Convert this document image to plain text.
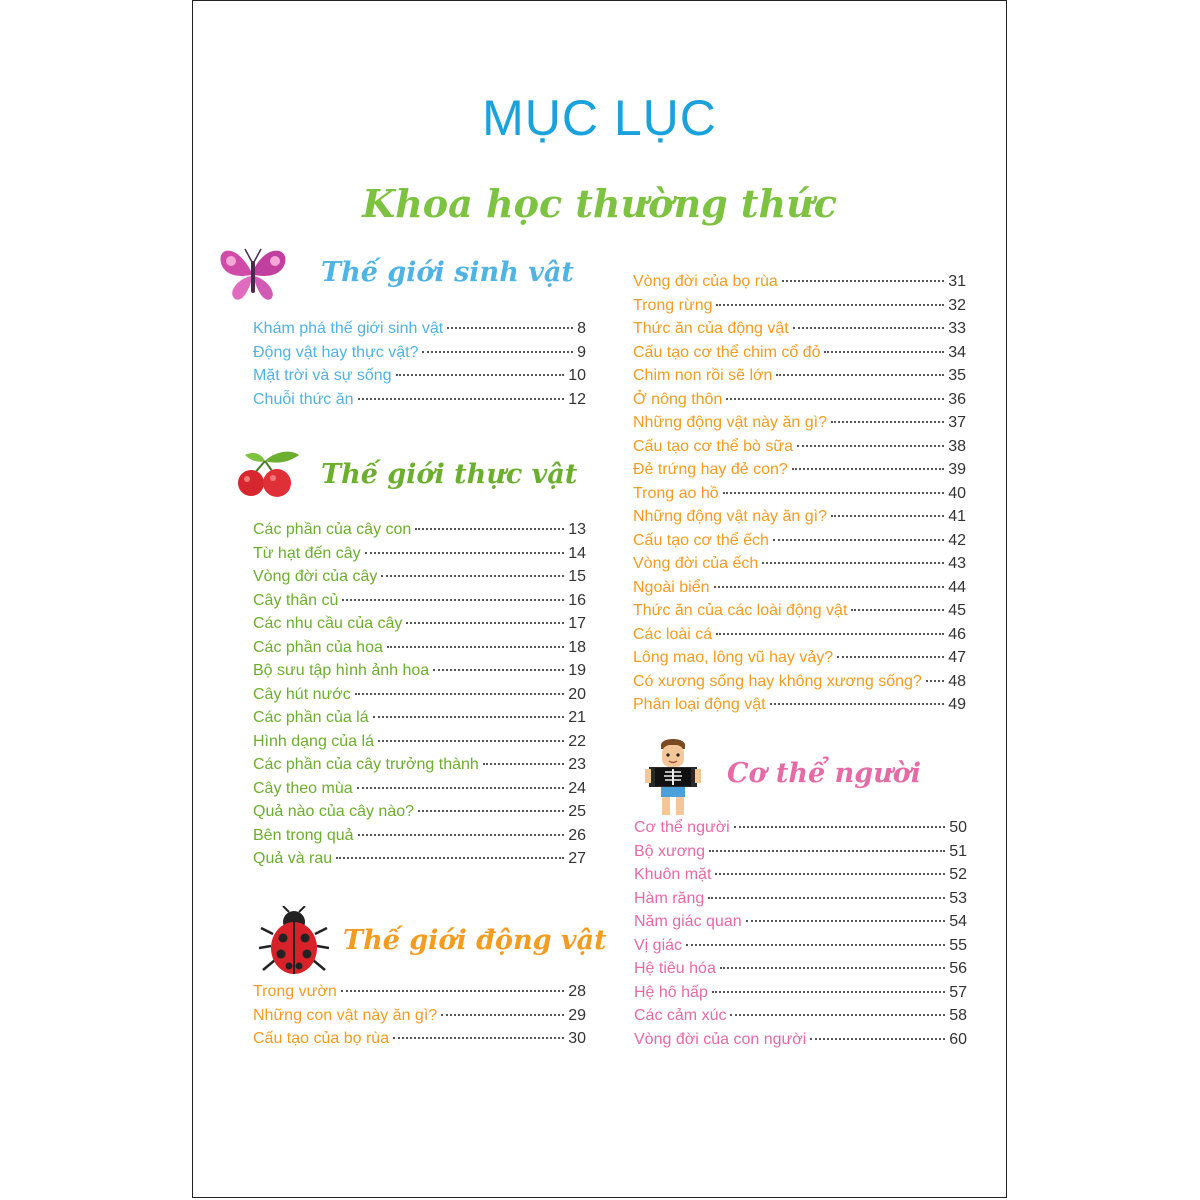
MỤC LỤC
Khoa học thường thức
Thế giới sinh vật
Khám phá thế giới sinh vật	8
Động vật hay thực vật?	9
Mặt trời và sự sống	10
Chuỗi thức ăn	12
Thế giới thực vật
Các phần của cây con	13
Từ hạt đến cây	14
Vòng đời của cây	15
Cây thân củ	16
Các nhu cầu của cây	17
Các phần của hoa	18
Bộ sưu tập hình ảnh hoa	19
Cây hút nước	20
Các phần của lá	21
Hình dạng của lá	22
Các phần của cây trưởng thành	23
Cây theo mùa	24
Quả nào của cây nào?	25
Bên trong quả	26
Quả và rau	27
Thế giới động vật
Trong vườn	28
Những con vật này ăn gì?	29
Cấu tạo của bọ rùa	30
Vòng đời của bọ rùa	31
Trong rừng	32
Thức ăn của động vật	33
Cấu tạo cơ thể chim cổ đỏ	34
Chim non rồi sẽ lớn	35
Ở nông thôn	36
Những động vật này ăn gì?	37
Cấu tạo cơ thể bò sữa	38
Đẻ trứng hay đẻ con?	39
Trong ao hồ	40
Những động vật này ăn gì?	41
Cấu tạo cơ thể ếch	42
Vòng đời của ếch	43
Ngoài biển	44
Thức ăn của các loài động vật	45
Các loài cá	46
Lông mao, lông vũ hay vảy?	47
Có xương sống hay không xương sống? 48
Phân loại động vật	49
Cơ thể người
Cơ thể người	50
Bộ xương	51
Khuôn mặt	52
Hàm răng	53
Năm giác quan	54
Vị giác	55
Hệ tiêu hóa	56
Hệ hô hấp	57
Các cảm xúc	58
Vòng đời của con người	60
